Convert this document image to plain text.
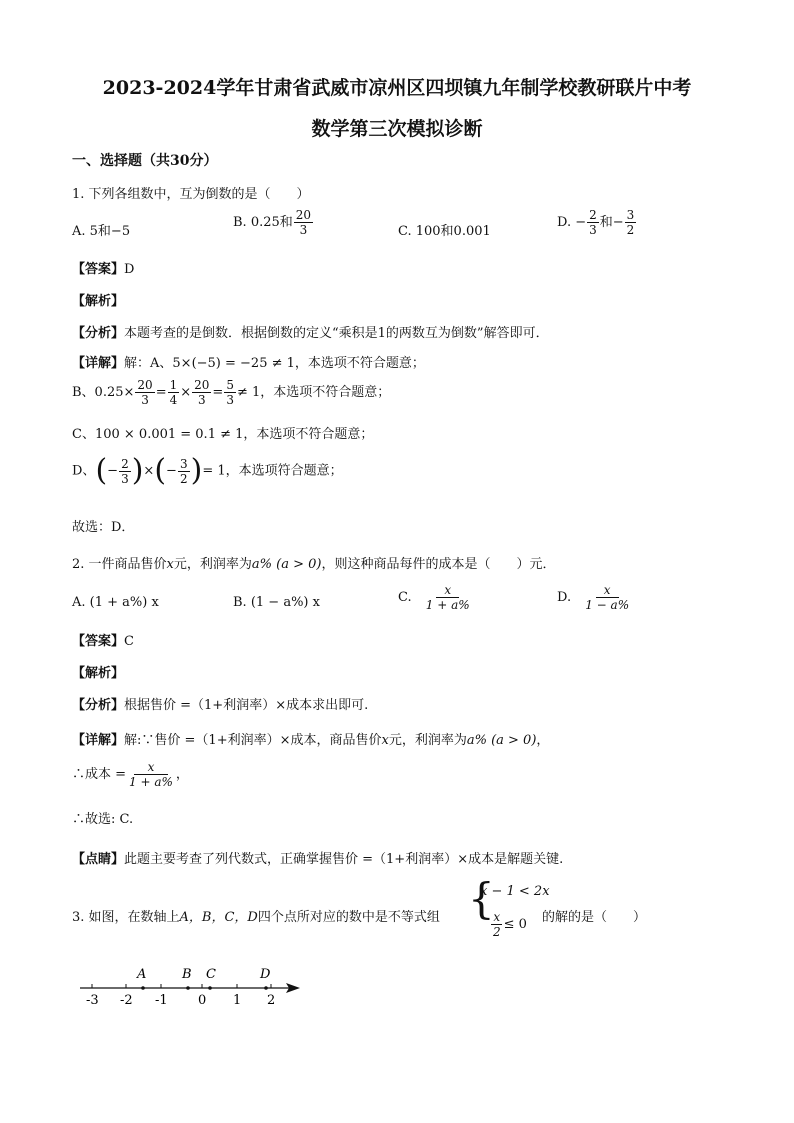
2023-2024学年甘肃省武威市凉州区四坝镇九年制学校教研联片中考
数学第三次模拟诊断
一、选择题（共30分）
1. 下列各组数中，互为倒数的是（　　）
A. 5和−5
B. 0.25和 $\frac{20}{3}$	C. 100和0.001
D. − $\frac{2}{3}$ 和− $\frac{3}{2}$
【答案】D
【解析】
【分析】本题考查的是倒数．根据倒数的定义“乘积是1的两数互为倒数”解答即可．
【详解】解：A、5×(−5) = −25 ≠ 1，本选项不符合题意；
B、$0.25\times \frac{20}{3} = \frac{1}{4} \times \frac{20}{3} = \frac{5}{3} \ne 1$，本选项不符合题意；
C、100 × 0.001 = 0.1 ≠ 1，本选项不符合题意；
D、(− $\frac{2}{3}$ )×(− $\frac{3}{2}$ )= 1，本选项符合题意；
故选：D．
2. 一件商品售价x元，利润率为a% (a > 0)，则这种商品每件的成本是（　　）元．
A. (1 + a%) x	B. (1 − a%) x	C. $\frac{x}{1 + a\%}$	D. $\frac{x}{1 - a\%}$
【答案】C
【解析】
【分析】根据售价 =（1+利润率）×成本求出即可.
【详解】解:∵售价 =（1+利润率）×成本，商品售价x元，利润率为a% (a > 0)，
∴成本 = $\frac{x}{1 + a\%}$ ，
∴故选: C.
【点睛】此题主要考查了列代数式，正确掌握售价 =（1+利润率）×成本是解题关键.
3. 如图，在数轴上A，B，C，D四个点所对应的数中是不等式组 {
x − 1 < 2x
$\frac{x}{2} \le 0$ 的解的是（　　）
A	B C	D
-3 -2 -1 0 1 2
